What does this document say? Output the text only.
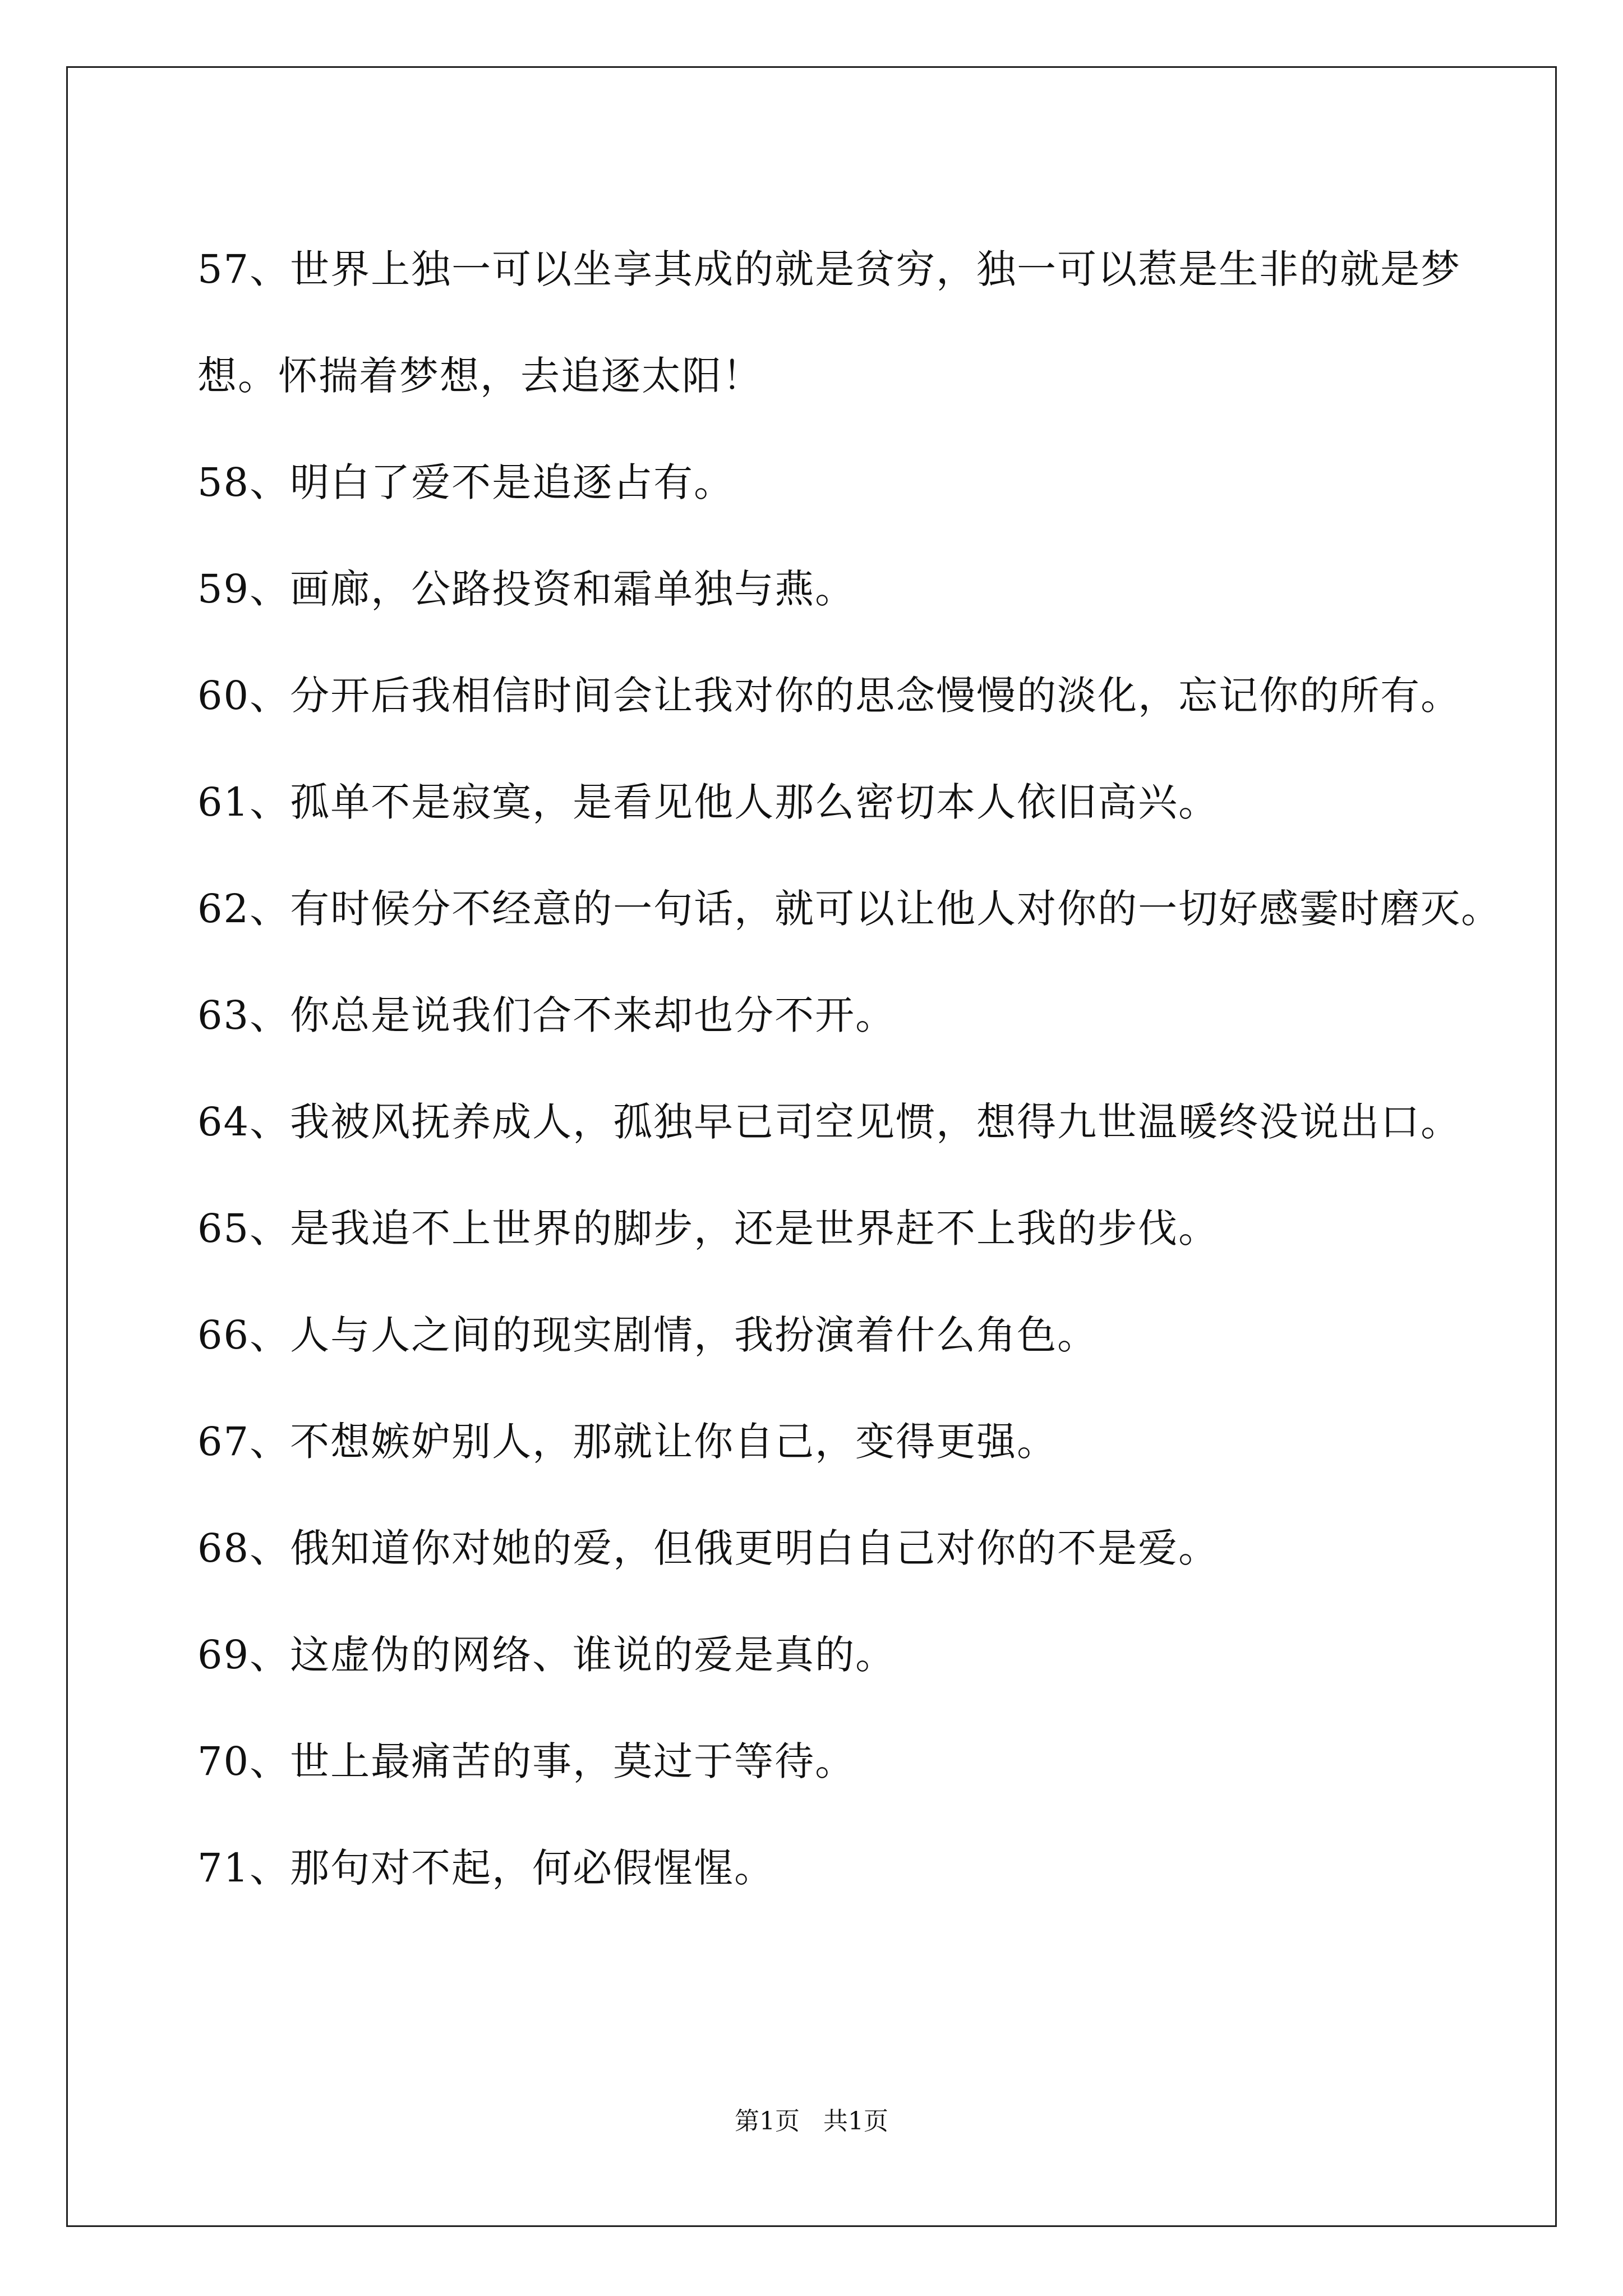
57、世界上独一可以坐享其成的就是贫穷，独一可以惹是生非的就是梦想。怀揣着梦想，去追逐太阳！

58、明白了爱不是追逐占有。

59、画廊，公路投资和霜单独与燕。

60、分开后我相信时间会让我对你的思念慢慢的淡化，忘记你的所有。

61、孤单不是寂寞，是看见他人那么密切本人依旧高兴。

62、有时候分不经意的一句话，就可以让他人对你的一切好感霎时磨灭。

63、你总是说我们合不来却也分不开。

64、我被风抚养成人，孤独早已司空见惯，想得九世温暖终没说出口。

65、是我追不上世界的脚步，还是世界赶不上我的步伐。

66、人与人之间的现实剧情，我扮演着什么角色。

67、不想嫉妒别人，那就让你自己，变得更强。

68、俄知道你对她的爱，但俄更明白自己对你的不是爱。

69、这虚伪的网络、谁说的爱是真的。

70、世上最痛苦的事，莫过于等待。

71、那句对不起，何必假惺惺。

第1页   共1页
